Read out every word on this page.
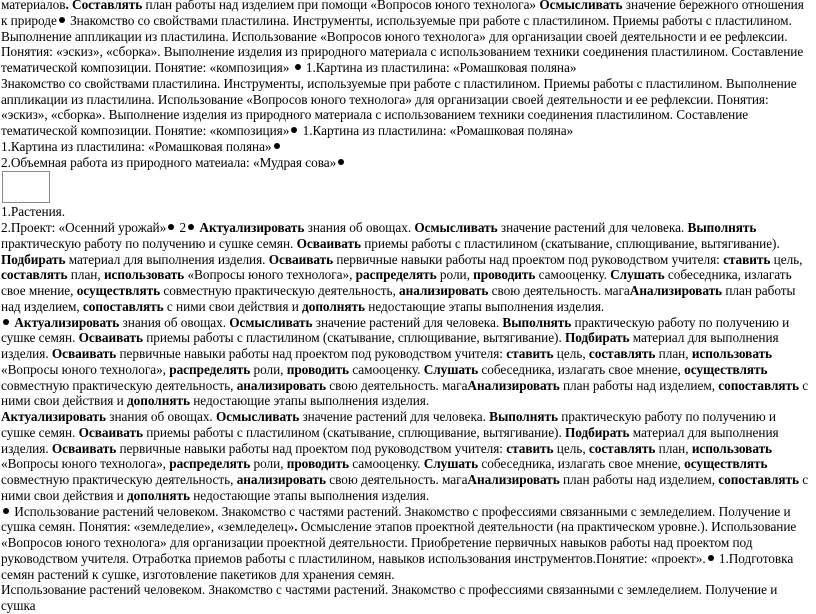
материалов. Составлять план работы над изделием при помощи «Вопросов юного технолога» Осмысливать значение бережного отношения к природе Знакомство со свойствами пластилина. Инструменты, используемые при работе с пластилином. Приемы работы с пластилином. Выполнение аппликации из пластилина. Использование «Вопросов юного технолога» для организации своей деятельности и ее рефлексии. Понятия: «эскиз», «сборка». Выполнение изделия из природного материала с использованием техники соединения пластилином. Составление тематической композиции. Понятие: «композиция»  1.Картина из пластилина: «Ромашковая поляна»

Знакомство со свойствами пластилина. Инструменты, используемые при работе с пластилином. Приемы работы с пластилином. Выполнение аппликации из пластилина. Использование «Вопросов юного технолога» для организации своей деятельности и ее рефлексии. Понятия: «эскиз», «сборка». Выполнение изделия из природного материала с использованием техники соединения пластилином. Составление тематической композиции. Понятие: «композиция» 1.Картина из пластилина: «Ромашковая поляна»

1.Картина из пластилина: «Ромашковая поляна»

2.Объемная работа из природного матеиала: «Мудрая сова»

1.Растения.

2.Проект: «Осенний урожай» 2 Актуализировать знания об овощах. Осмысливать значение растений для человека. Выполнять практическую работу по получению и сушке семян. Осваивать приемы работы с пластилином (скатывание, сплющивание, вытягивание). Подбирать материал для выполнения изделия. Осваивать первичные навыки работы над проектом под руководством учителя: ставить цель, составлять план, использовать «Вопросы юного технолога», распределять роли, проводить самооценку. Слушать собеседника, излагать свое мнение, осуществлять совместную практическую деятельность, анализировать свою деятельность. магаАнализировать план работы над изделием, сопоставлять с ними свои действия и дополнять недостающие этапы выполнения изделия.

Актуализировать знания об овощах. Осмысливать значение растений для человека. Выполнять практическую работу по получению и сушке семян. Осваивать приемы работы с пластилином (скатывание, сплющивание, вытягивание). Подбирать материал для выполнения изделия. Осваивать первичные навыки работы над проектом под руководством учителя: ставить цель, составлять план, использовать «Вопросы юного технолога», распределять роли, проводить самооценку. Слушать собеседника, излагать свое мнение, осуществлять совместную практическую деятельность, анализировать свою деятельность. магаАнализировать план работы над изделием, сопоставлять с ними свои действия и дополнять недостающие этапы выполнения изделия.

Актуализировать знания об овощах. Осмысливать значение растений для человека. Выполнять практическую работу по получению и сушке семян. Осваивать приемы работы с пластилином (скатывание, сплющивание, вытягивание). Подбирать материал для выполнения изделия. Осваивать первичные навыки работы над проектом под руководством учителя: ставить цель, составлять план, использовать «Вопросы юного технолога», распределять роли, проводить самооценку. Слушать собеседника, излагать свое мнение, осуществлять совместную практическую деятельность, анализировать свою деятельность. магаАнализировать план работы над изделием, сопоставлять с ними свои действия и дополнять недостающие этапы выполнения изделия.

Использование растений человеком. Знакомство с частями растений. Знакомство с профессиями связанными с земледелием. Получение и сушка семян. Понятия: «земледелие», «земледелец». Осмысление этапов проектной деятельности (на практическом уровне.). Использование «Вопросов юного технолога» для организации проектной деятельности. Приобретение первичных навыков работы над проектом под руководством учителя. Отработка приемов работы с пластилином, навыков использования инструментов.Понятие: «проект». 1.Подготовка семян растений к сушке, изготовление пакетиков для хранения семян.

Использование растений человеком. Знакомство с частями растений. Знакомство с профессиями связанными с земледелием. Получение и сушка
